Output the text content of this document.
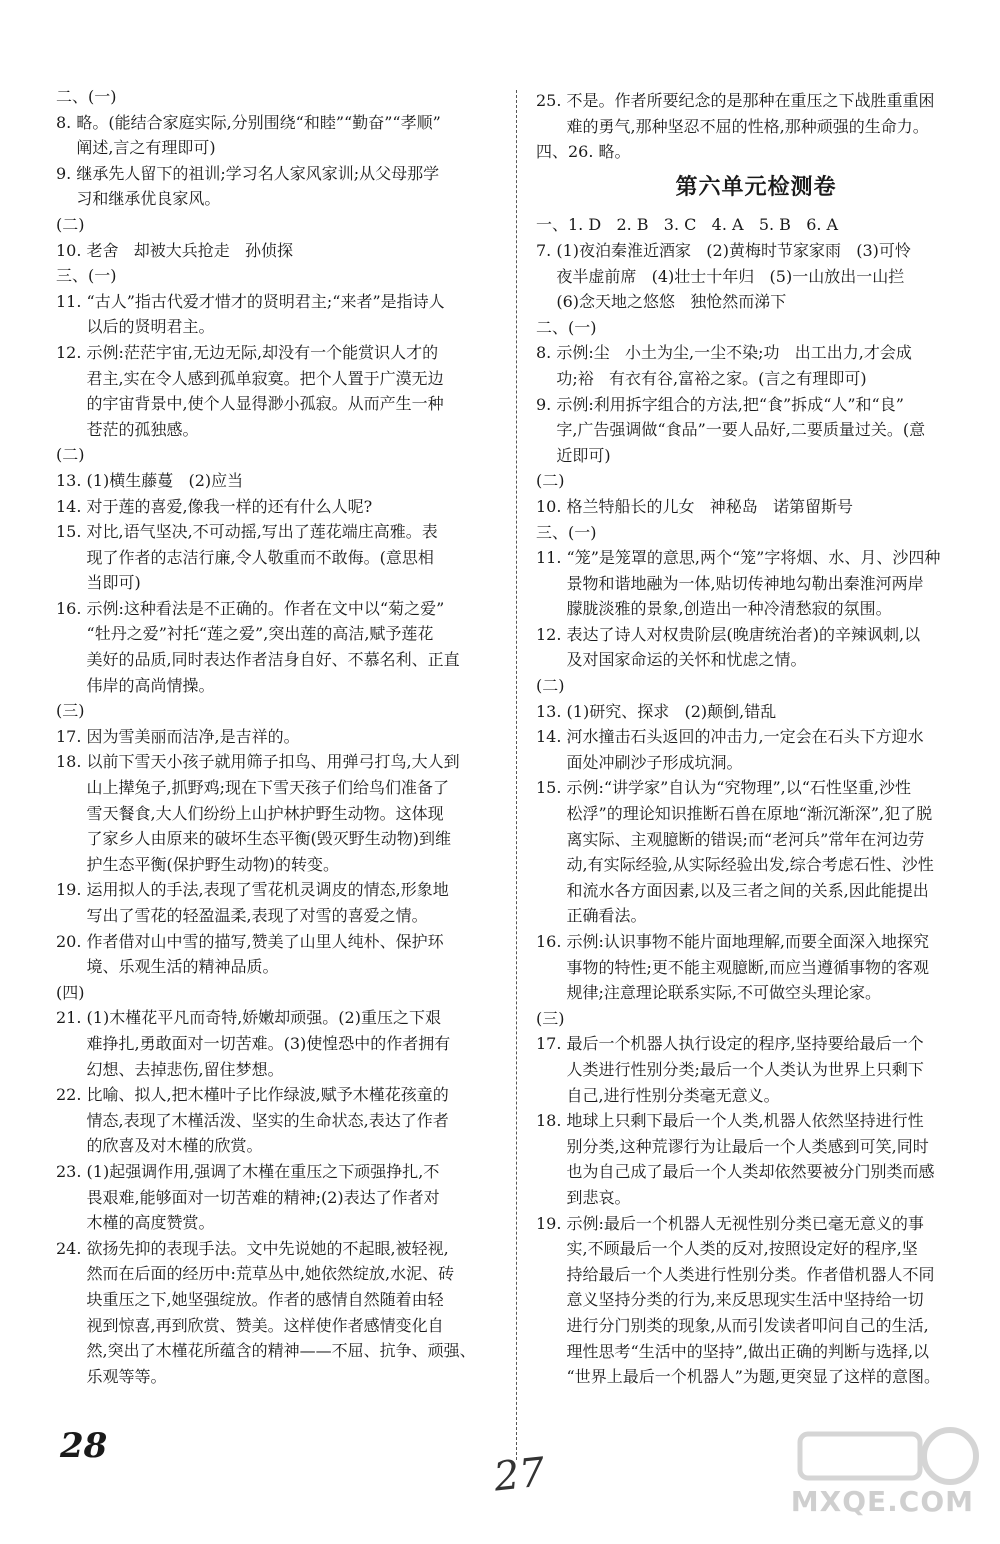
二、(一)
8. 略。(能结合家庭实际,分别围绕“和睦”“勤奋”“孝顺”
阐述,言之有理即可)
9. 继承先人留下的祖训;学习名人家风家训;从父母那学
习和继承优良家风。
(二)
10. 老舍   却被大兵抢走   孙侦探
三、(一)
11. “古人”指古代爱才惜才的贤明君主;“来者”是指诗人
以后的贤明君主。
12. 示例:茫茫宇宙,无边无际,却没有一个能赏识人才的
君主,实在令人感到孤单寂寞。把个人置于广漠无边
的宇宙背景中,使个人显得渺小孤寂。从而产生一种
苍茫的孤独感。
(二)
13. (1)横生藤蔓   (2)应当
14. 对于莲的喜爱,像我一样的还有什么人呢?
15. 对比,语气坚决,不可动摇,写出了莲花端庄高雅。表
现了作者的志洁行廉,令人敬重而不敢侮。(意思相
当即可)
16. 示例:这种看法是不正确的。作者在文中以“菊之爱”
“牡丹之爱”衬托“莲之爱”,突出莲的高洁,赋予莲花
美好的品质,同时表达作者洁身自好、不慕名利、正直
伟岸的高尚情操。
(三)
17. 因为雪美丽而洁净,是吉祥的。
18. 以前下雪天小孩子就用筛子扣鸟、用弹弓打鸟,大人到
山上撵兔子,抓野鸡;现在下雪天孩子们给鸟们准备了
雪天餐食,大人们纷纷上山护林护野生动物。这体现
了家乡人由原来的破坏生态平衡(毁灭野生动物)到维
护生态平衡(保护野生动物)的转变。
19. 运用拟人的手法,表现了雪花机灵调皮的情态,形象地
写出了雪花的轻盈温柔,表现了对雪的喜爱之情。
20. 作者借对山中雪的描写,赞美了山里人纯朴、保护环
境、乐观生活的精神品质。
(四)
21. (1)木槿花平凡而奇特,娇嫩却顽强。(2)重压之下艰
难挣扎,勇敢面对一切苦难。(3)使惶恐中的作者拥有
幻想、去掉悲伤,留住梦想。
22. 比喻、拟人,把木槿叶子比作绿波,赋予木槿花孩童的
情态,表现了木槿活泼、坚实的生命状态,表达了作者
的欣喜及对木槿的欣赏。
23. (1)起强调作用,强调了木槿在重压之下顽强挣扎,不
畏艰难,能够面对一切苦难的精神;(2)表达了作者对
木槿的高度赞赏。
24. 欲扬先抑的表现手法。文中先说她的不起眼,被轻视,
然而在后面的经历中:荒草丛中,她依然绽放,水泥、砖
块重压之下,她坚强绽放。作者的感情自然随着由轻
视到惊喜,再到欣赏、赞美。这样使作者感情变化自
然,突出了木槿花所蕴含的精神——不屈、抗争、顽强、
乐观等等。
25. 不是。作者所要纪念的是那种在重压之下战胜重重困
难的勇气,那种坚忍不屈的性格,那种顽强的生命力。
四、26. 略。
第六单元检测卷
一、1. D   2. B   3. C   4. A   5. B   6. A
7. (1)夜泊秦淮近酒家   (2)黄梅时节家家雨   (3)可怜
夜半虚前席   (4)壮士十年归   (5)一山放出一山拦
(6)念天地之悠悠   独怆然而涕下
二、(一)
8. 示例:尘   小土为尘,一尘不染;功   出工出力,才会成
功;裕   有衣有谷,富裕之家。(言之有理即可)
9. 示例:利用拆字组合的方法,把“食”拆成“人”和“良”
字,广告强调做“食品”一要人品好,二要质量过关。(意
近即可)
(二)
10. 格兰特船长的儿女   神秘岛   诺第留斯号
三、(一)
11. “笼”是笼罩的意思,两个“笼”字将烟、水、月、沙四种
景物和谐地融为一体,贴切传神地勾勒出秦淮河两岸
朦胧淡雅的景象,创造出一种冷清愁寂的氛围。
12. 表达了诗人对权贵阶层(晚唐统治者)的辛辣讽刺,以
及对国家命运的关怀和忧虑之情。
(二)
13. (1)研究、探求   (2)颠倒,错乱
14. 河水撞击石头返回的冲击力,一定会在石头下方迎水
面处冲刷沙子形成坑洞。
15. 示例:“讲学家”自认为“究物理”,以“石性坚重,沙性
松浮”的理论知识推断石兽在原地“渐沉渐深”,犯了脱
离实际、主观臆断的错误;而“老河兵”常年在河边劳
动,有实际经验,从实际经验出发,综合考虑石性、沙性
和流水各方面因素,以及三者之间的关系,因此能提出
正确看法。
16. 示例:认识事物不能片面地理解,而要全面深入地探究
事物的特性;更不能主观臆断,而应当遵循事物的客观
规律;注意理论联系实际,不可做空头理论家。
(三)
17. 最后一个机器人执行设定的程序,坚持要给最后一个
人类进行性别分类;最后一个人类认为世界上只剩下
自己,进行性别分类毫无意义。
18. 地球上只剩下最后一个人类,机器人依然坚持进行性
别分类,这种荒谬行为让最后一个人类感到可笑,同时
也为自己成了最后一个人类却依然要被分门别类而感
到悲哀。
19. 示例:最后一个机器人无视性别分类已毫无意义的事
实,不顾最后一个人类的反对,按照设定好的程序,坚
持给最后一个人类进行性别分类。作者借机器人不同
意义坚持分类的行为,来反思现实生活中坚持给一切
进行分门别类的现象,从而引发读者叩问自己的生活,
理性思考“生活中的坚持”,做出正确的判断与选择,以
“世界上最后一个机器人”为题,更突显了这样的意图。
28
27
MXQE.COM
